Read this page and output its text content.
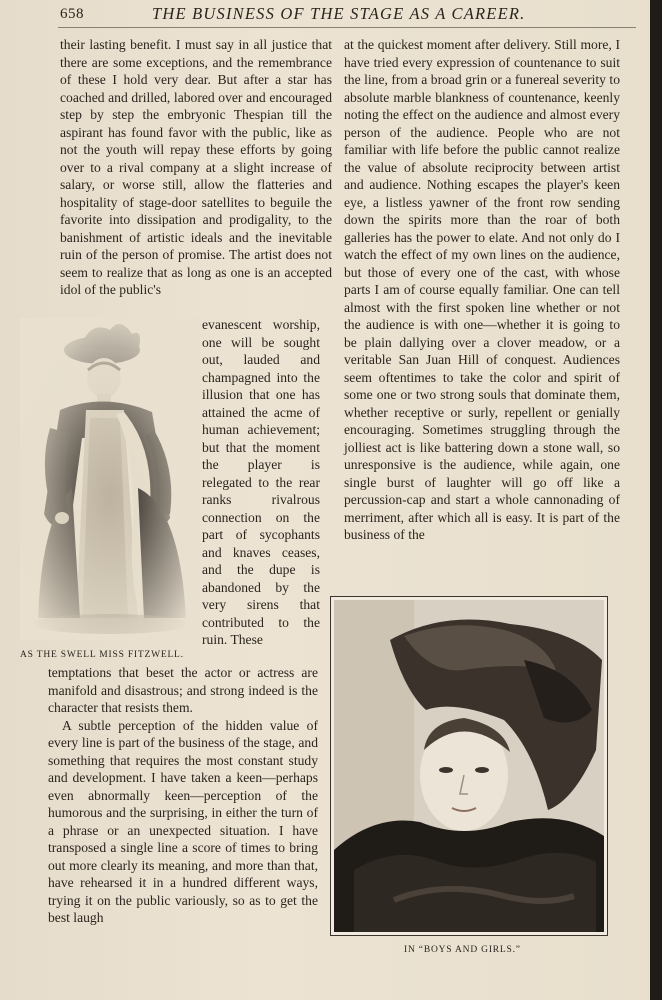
658	THE BUSINESS OF THE STAGE AS A CAREER.

their lasting benefit. I must say in all justice that there are some exceptions, and the remembrance of these I hold very dear. But after a star has coached and drilled, labored over and encouraged step by step the embryonic Thespian till the aspirant has found favor with the public, like as not the youth will repay these efforts by going over to a rival company at a slight increase of salary, or worse still, allow the flatteries and hospitality of stage-door satellites to beguile the favorite into dissipation and prodigality, to the banishment of artistic ideals and the inevitable ruin of the person of promise. The artist does not seem to realize that as long as one is an accepted idol of the public's

AS THE SWELL MISS FITZWELL.

evanescent worship, one will be sought out, lauded and champagned into the illusion that one has attained the acme of human achievement; but that the moment the player is relegated to the rear ranks rivalrous connection on the part of sycophants and knaves ceases, and the dupe is abandoned by the very sirens that contributed to the ruin. These

temptations that beset the actor or actress are manifold and disastrous; and strong indeed is the character that resists them.

A subtle perception of the hidden value of every line is part of the business of the stage, and something that requires the most constant study and development. I have taken a keen—perhaps even abnormally keen—perception of the humorous and the surprising, in either the turn of a phrase or an unexpected situation. I have transposed a single line a score of times to bring out more clearly its meaning, and more than that, have rehearsed it in a hundred different ways, trying it on the public variously, so as to get the best laugh

at the quickest moment after delivery. Still more, I have tried every expression of countenance to suit the line, from a broad grin or a funereal severity to absolute marble blankness of countenance, keenly noting the effect on the audience and almost every person of the audience. People who are not familiar with life before the public cannot realize the value of absolute reciprocity between artist and audience. Nothing escapes the player's keen eye, a listless yawner of the front row sending down the spirits more than the roar of both galleries has the power to elate. And not only do I watch the effect of my own lines on the audience, but those of every one of the cast, with whose parts I am of course equally familiar. One can tell almost with the first spoken line whether or not the audience is with one—whether it is going to be plain dallying over a clover meadow, or a veritable San Juan Hill of conquest. Audiences seem oftentimes to take the color and spirit of some one or two strong souls that dominate them, whether receptive or surly, repellent or genially encouraging. Sometimes struggling through the jolliest act is like battering down a stone wall, so unresponsive is the audience, while again, one single burst of laughter will go off like a percussion-cap and start a whole cannonading of merriment, after which all is easy. It is part of the business of the

IN “BOYS AND GIRLS.”
